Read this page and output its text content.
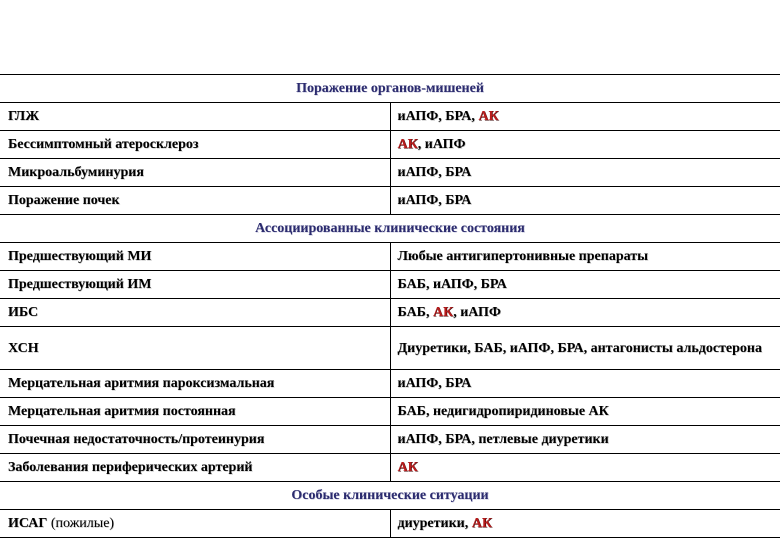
Поражение органов-мишеней	
ГЛЖ	иАПФ, БРА, АК
Бессимптомный атеросклероз	АК, иАПФ
Микроальбуминурия	иАПФ, БРА
Поражение почек	иАПФ, БРА
Ассоциированные клинические состояния	
Предшествующий МИ	Любые антигипертонивные препараты
Предшествующий ИМ	БАБ, иАПФ, БРА
ИБС	БАБ, АК, иАПФ
ХСН	Диуретики, БАБ, иАПФ, БРА, антагонисты альдостерона
Мерцательная аритмия пароксизмальная	иАПФ, БРА
Мерцательная аритмия постоянная	БАБ, недигидропиридиновые АК
Почечная недостаточность/протеинурия	иАПФ, БРА, петлевые диуретики
Заболевания периферических артерий	АК
Особые клинические ситуации	
ИСАГ (пожилые)	диуретики, АК
